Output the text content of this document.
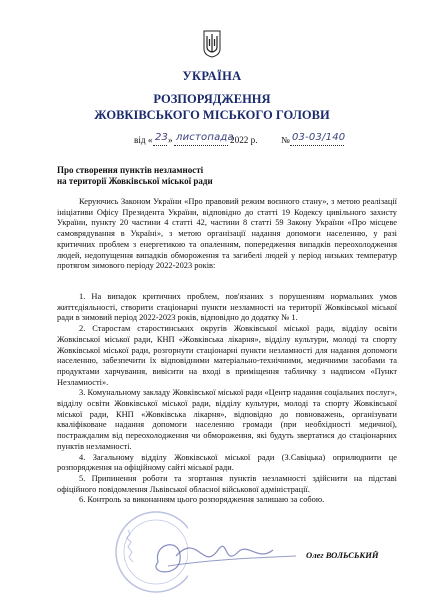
УКРАЇНА
РОЗПОРЯДЖЕННЯ
ЖОВКІВСЬКОГО МІСЬКОГО ГОЛОВИ
від « 23 » листопада
2022 р.	№ 03-03/140
Про створення пунктів незламності
на території Жовківської міської ради
Керуючись Законом України «Про правовий режим воєнного стану», з метою реалізації ініціативи Офісу Президента України, відповідно до статті 19 Кодексу цивільного захисту України, пункту 20 частини 4 статті 42, частини 8 статті 59 Закону України «Про місцеве самоврядування в Україні», з метою організації надання допомоги населенню, у разі критичних проблем з енергетикою та опаленням, попередження випадків переохолодження людей, недопущення випадків обмороження та загибелі людей у період низьких температур протягом зимового періоду 2022-2023 років:

1. На випадок критичних проблем, пов'язаних з порушенням нормальних умов життєдіяльності, створити стаціонарні пункти незламності на території Жовківської міської ради в зимовий період 2022-2023 років, відповідно до додатку № 1.

2. Старостам старостинських округів Жовківської міської ради, відділу освіти Жовківської міської ради, КНП «Жовківська лікарня», відділу культури, молоді та спорту Жовківської міської ради, розгорнути стаціонарні пункти незламності для надання допомоги населенню, забезпечити їх відповідними матеріально-технічними, медичними засобами та продуктами харчування, вивісити на вході в приміщення табличку з надписом «Пункт Незламності».

3. Комунальному закладу Жовківської міської ради «Центр надання соціальних послуг», відділу освіти Жовківської міської ради, відділу культури, молоді та спорту Жовківської міської ради, КНП «Жовківська лікарня», відповідно до повноважень, організувати кваліфіковане надання допомоги населенню громади (при необхідності медичної), постраждалим від переохолодження чи обмороження, які будуть звертатися до стаціонарних пунктів незламності.

4. Загальному відділу Жовківської міської ради (З.Савіцька) оприлюднити це розпорядження на офіційному сайті міської ради.

5. Припинення роботи та згортання пунктів незламності здійснити на підставі офіційного повідомлення Львівської обласної військової адміністрації.

6. Контроль за виконанням цього розпорядження залишаю за собою.

Олег ВОЛЬСЬКИЙ
